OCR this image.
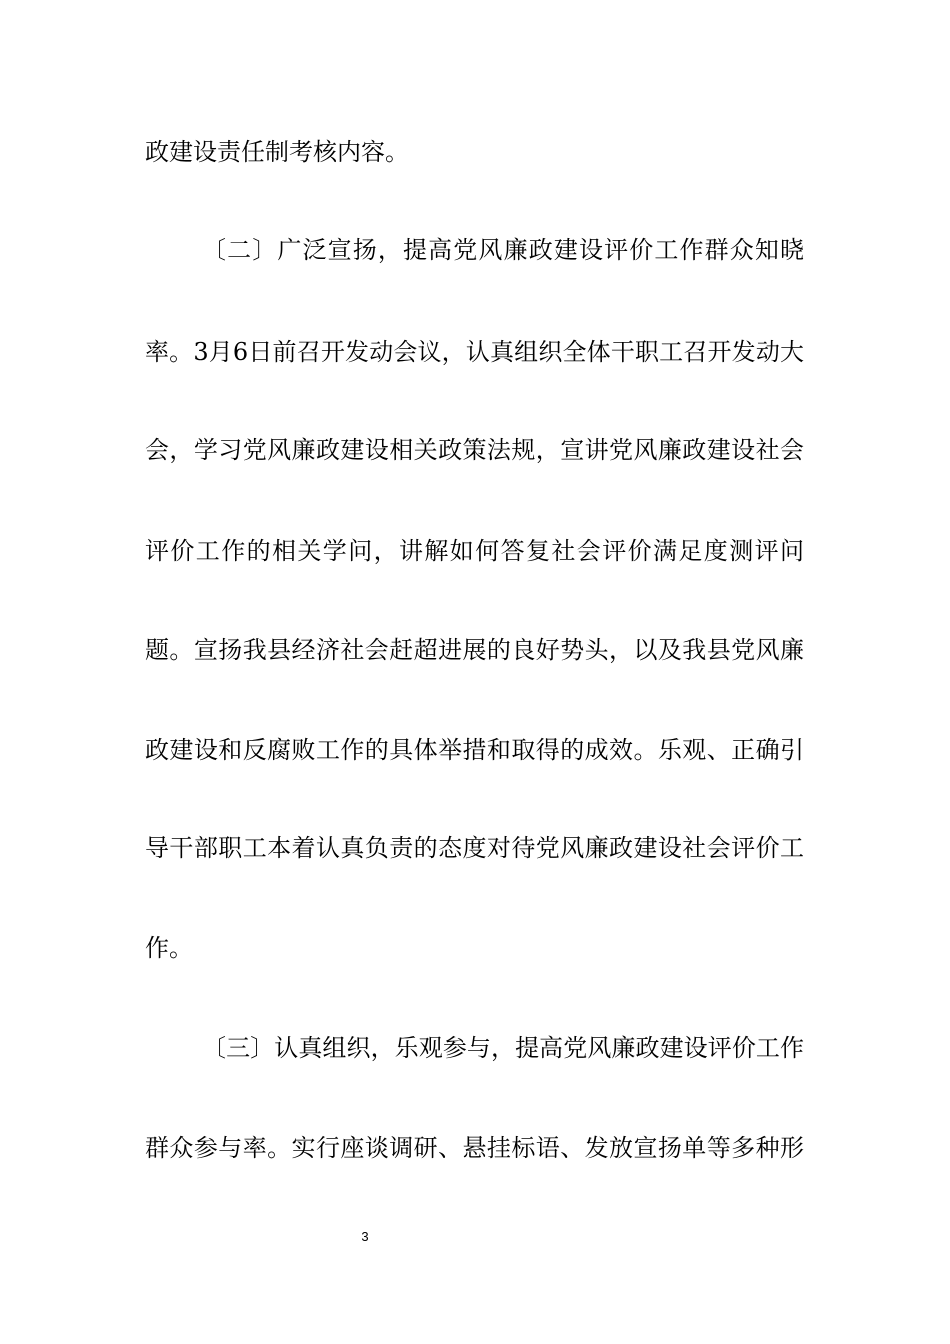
政建设责任制考核内容。
〔二〕广泛宣扬，提高党风廉政建设评价工作群众知晓
率。3月6日前召开发动会议，认真组织全体干职工召开发动大
会，学习党风廉政建设相关政策法规，宣讲党风廉政建设社会
评价工作的相关学问，讲解如何答复社会评价满足度测评问
题。宣扬我县经济社会赶超进展的良好势头，以及我县党风廉
政建设和反腐败工作的具体举措和取得的成效。乐观、正确引
导干部职工本着认真负责的态度对待党风廉政建设社会评价工
作。
〔三〕认真组织，乐观参与，提高党风廉政建设评价工作
群众参与率。实行座谈调研、悬挂标语、发放宣扬单等多种形
3
